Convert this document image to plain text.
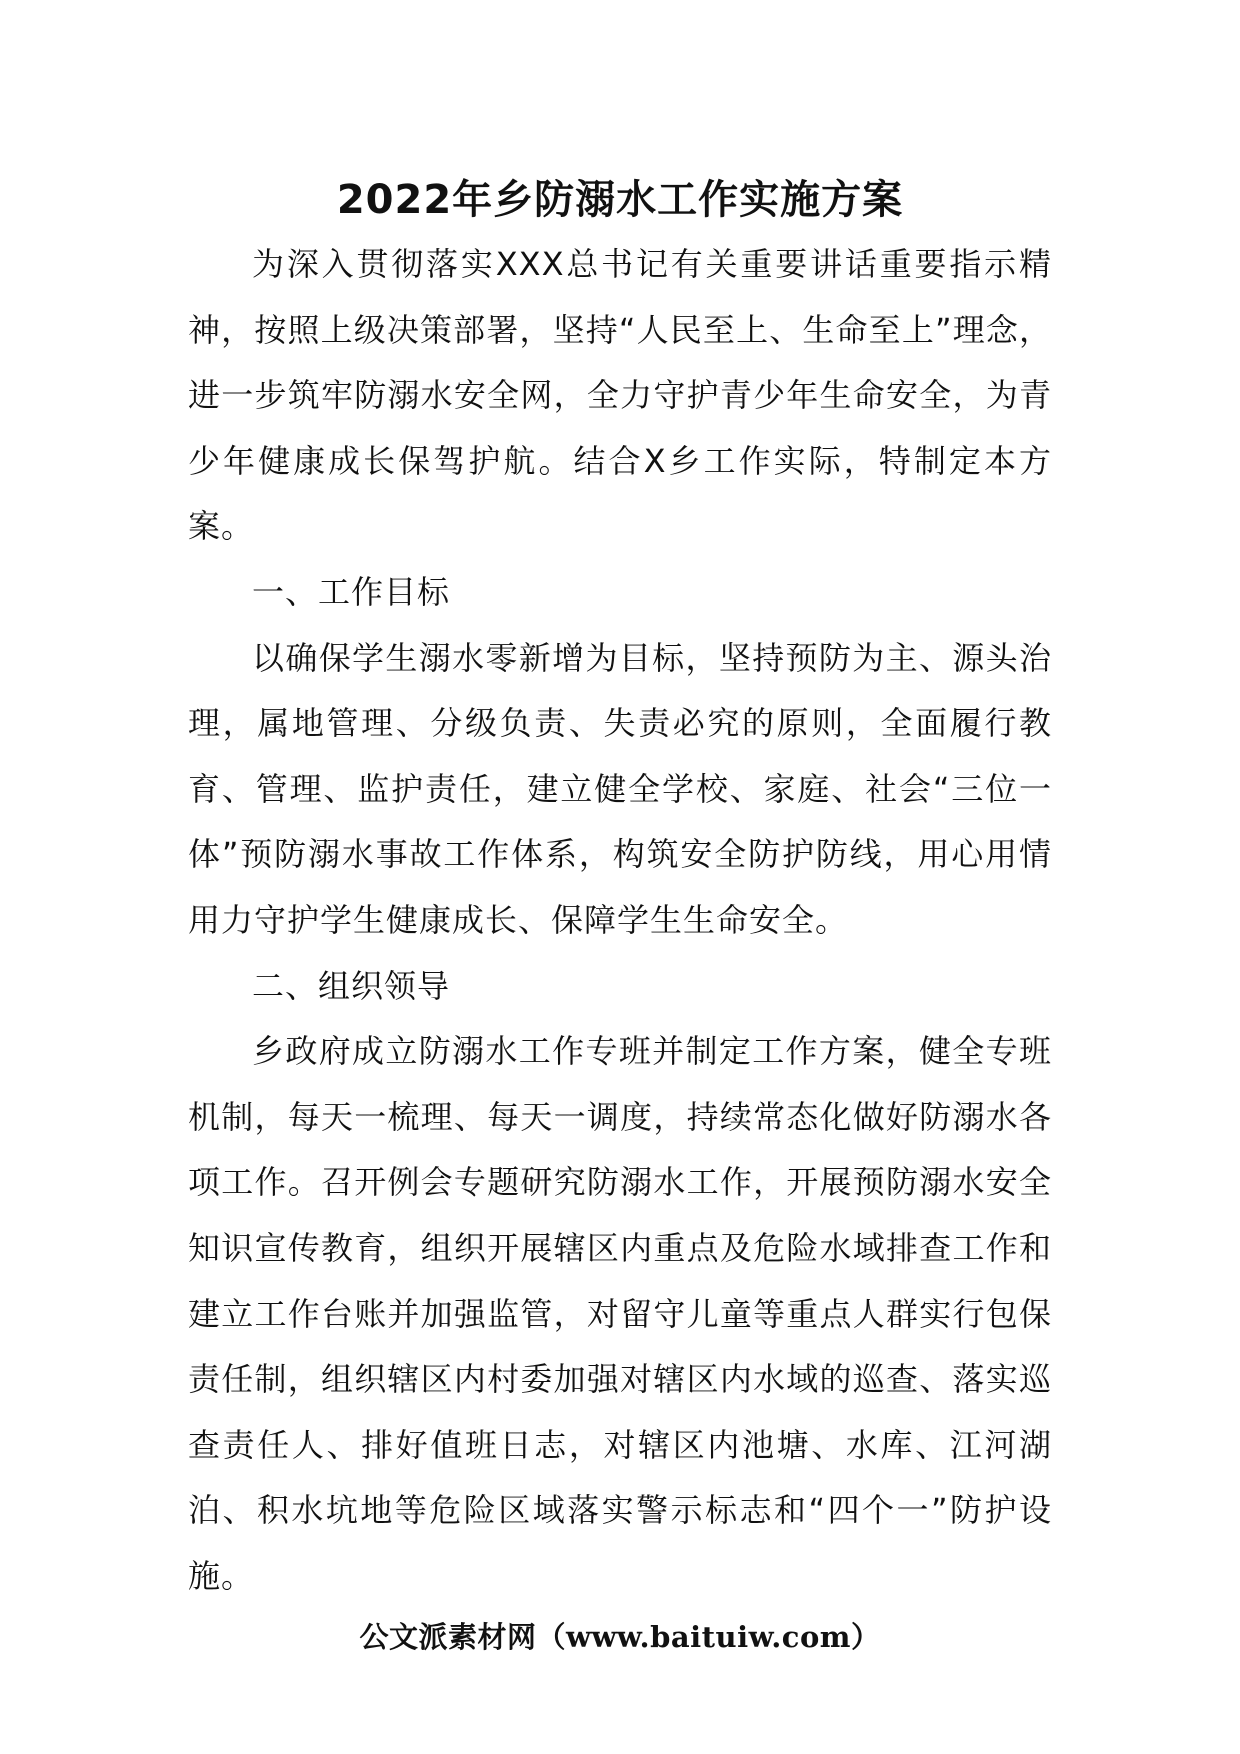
2022年乡防溺水工作实施方案

为深入贯彻落实XXX总书记有关重要讲话重要指示精神，按照上级决策部署，坚持“人民至上、生命至上”理念，进一步筑牢防溺水安全网，全力守护青少年生命安全，为青少年健康成长保驾护航。结合X乡工作实际，特制定本方案。

一、工作目标

以确保学生溺水零新增为目标，坚持预防为主、源头治理，属地管理、分级负责、失责必究的原则，全面履行教育、管理、监护责任，建立健全学校、家庭、社会“三位一体”预防溺水事故工作体系，构筑安全防护防线，用心用情用力守护学生健康成长、保障学生生命安全。

二、组织领导

乡政府成立防溺水工作专班并制定工作方案，健全专班机制，每天一梳理、每天一调度，持续常态化做好防溺水各项工作。召开例会专题研究防溺水工作，开展预防溺水安全知识宣传教育，组织开展辖区内重点及危险水域排查工作和建立工作台账并加强监管，对留守儿童等重点人群实行包保责任制，组织辖区内村委加强对辖区内水域的巡查、落实巡查责任人、排好值班日志，对辖区内池塘、水库、江河湖泊、积水坑地等危险区域落实警示标志和“四个一”防护设施。

公文派素材网（www.baituiw.com）
